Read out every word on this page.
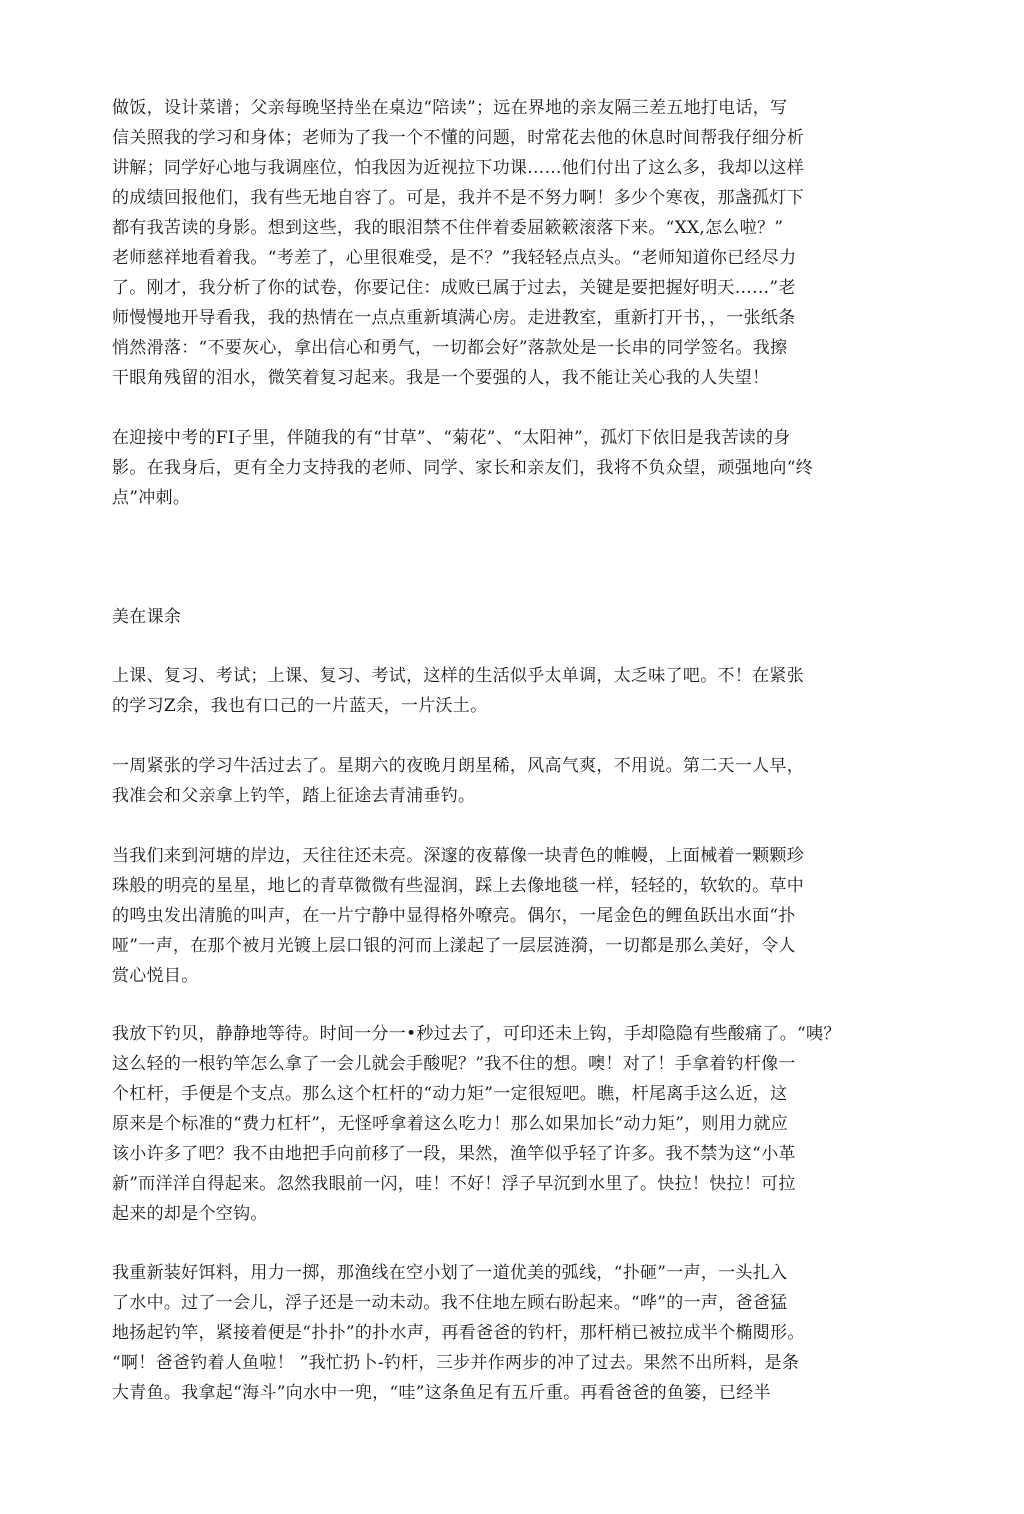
做饭，设计菜谱；父亲每晚坚持坐在桌边“陪读”；远在界地的亲友隔三差五地打电话，写
信关照我的学习和身体；老师为了我一个不懂的问题，时常花去他的休息时间帮我仔细分析
讲解；同学好心地与我调座位，怕我因为近视拉下功课……他们付出了这么多，我却以这样
的成绩回报他们，我有些无地自容了。可是，我并不是不努力啊！多少个寒夜，那盏孤灯下
都有我苦读的身影。想到这些，我的眼泪禁不住伴着委屈簌簌滚落下来。“XX,怎么啦？”
老师慈祥地看着我。“考差了，心里很难受，是不？”我轻轻点点头。“老师知道你已经尽力
了。刚才，我分析了你的试卷，你要记住：成败已属于过去，关键是要把握好明天……”老
师慢慢地开导看我，我的热情在一点点重新填满心房。走进教室，重新打开书，，一张纸条
悄然滑落：“不要灰心，拿出信心和勇气，一切都会好”落款处是一长串的同学签名。我擦
干眼角残留的泪水，微笑着复习起来。我是一个要强的人，我不能让关心我的人失望！
在迎接中考的FI子里，伴随我的有“甘草”、“菊花”、“太阳神”，孤灯下依旧是我苦读的身
影。在我身后，更有全力支持我的老师、同学、家长和亲友们，我将不负众望，顽强地向“终
点”冲刺。
美在课余
上课、复习、考试；上课、复习、考试，这样的生活似乎太单调，太乏味了吧。不！在紧张
的学习Z余，我也有口己的一片蓝天，一片沃土。
一周紧张的学习牛活过去了。星期六的夜晚月朗星稀，风高气爽，不用说。第二天一人早，
我准会和父亲拿上钓竿，踏上征途去青浦垂钓。
当我们来到河塘的岸边，天往往还未亮。深邃的夜幕像一块青色的帷幔，上面械着一颗颗珍
珠般的明亮的星星，地匕的青草微微有些湿润，踩上去像地毯一样，轻轻的，软软的。草中
的鸣虫发出清脆的叫声，在一片宁静中显得格外嘹亮。偶尔，一尾金色的鲤鱼跃出水面“扑
哑”一声，在那个被月光镀上层口银的河而上漾起了一层层涟漪，一切都是那么美好，令人
赏心悦目。
我放下钓贝，静静地等待。时间一分一•秒过去了，可印还未上钩，手却隐隐有些酸痛了。“咦？
这么轻的一根钓竿怎么拿了一会儿就会手酸呢？”我不住的想。噢！对了！手拿着钓杆像一
个杠杆，手便是个支点。那么这个杠杆的“动力矩”一定很短吧。瞧，杆尾离手这么近，这
原来是个标准的“费力杠杆”，无怪呼拿着这么吃力！那么如果加长“动力矩”，则用力就应
该小许多了吧？我不由地把手向前移了一段，果然，渔竿似乎轻了许多。我不禁为这“小革
新”而洋洋自得起来。忽然我眼前一闪，哇！不好！浮子早沉到水里了。快拉！快拉！可拉
起来的却是个空钩。
我重新装好饵料，用力一掷，那渔线在空小划了一道优美的弧线，“扑砸”一声，一头扎入
了水中。过了一会儿，浮子还是一动未动。我不住地左顾右盼起来。“哗”的一声，爸爸猛
地扬起钓竿，紧接着便是“扑扑”的扑水声，再看爸爸的钓杆，那杆梢已被拉成半个椭閱形。
“啊！爸爸钓着人鱼啦！ ”我忙扔卜-钓杆，三步并作两步的冲了过去。果然不出所料，是条
大青鱼。我拿起“海斗”向水中一兜，“哇”这条鱼足有五斤重。再看爸爸的鱼篓，已经半
